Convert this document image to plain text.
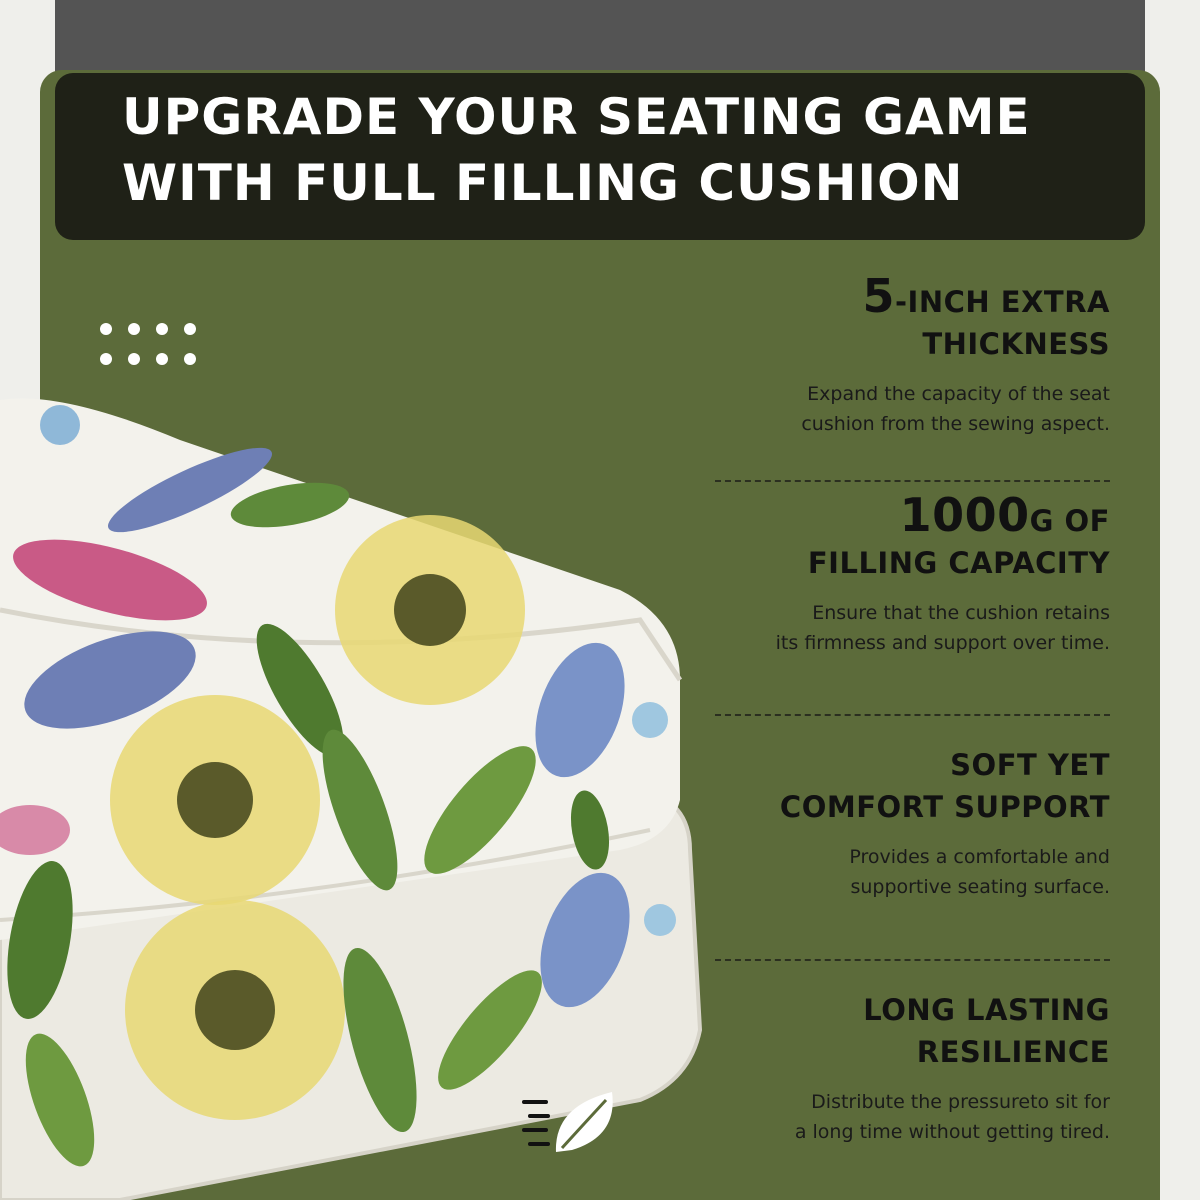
UPGRADE YOUR SEATING GAME
WITH FULL FILLING CUSHION

5-INCH EXTRA
THICKNESS

Expand the capacity of the seat
cushion from the sewing aspect.

1000G OF
FILLING CAPACITY

Ensure that the cushion retains
its firmness and support over time.

SOFT YET
COMFORT SUPPORT

Provides a comfortable and
supportive seating surface.

LONG LASTING
RESILIENCE

Distribute the pressureto sit for
a long time without getting tired.
